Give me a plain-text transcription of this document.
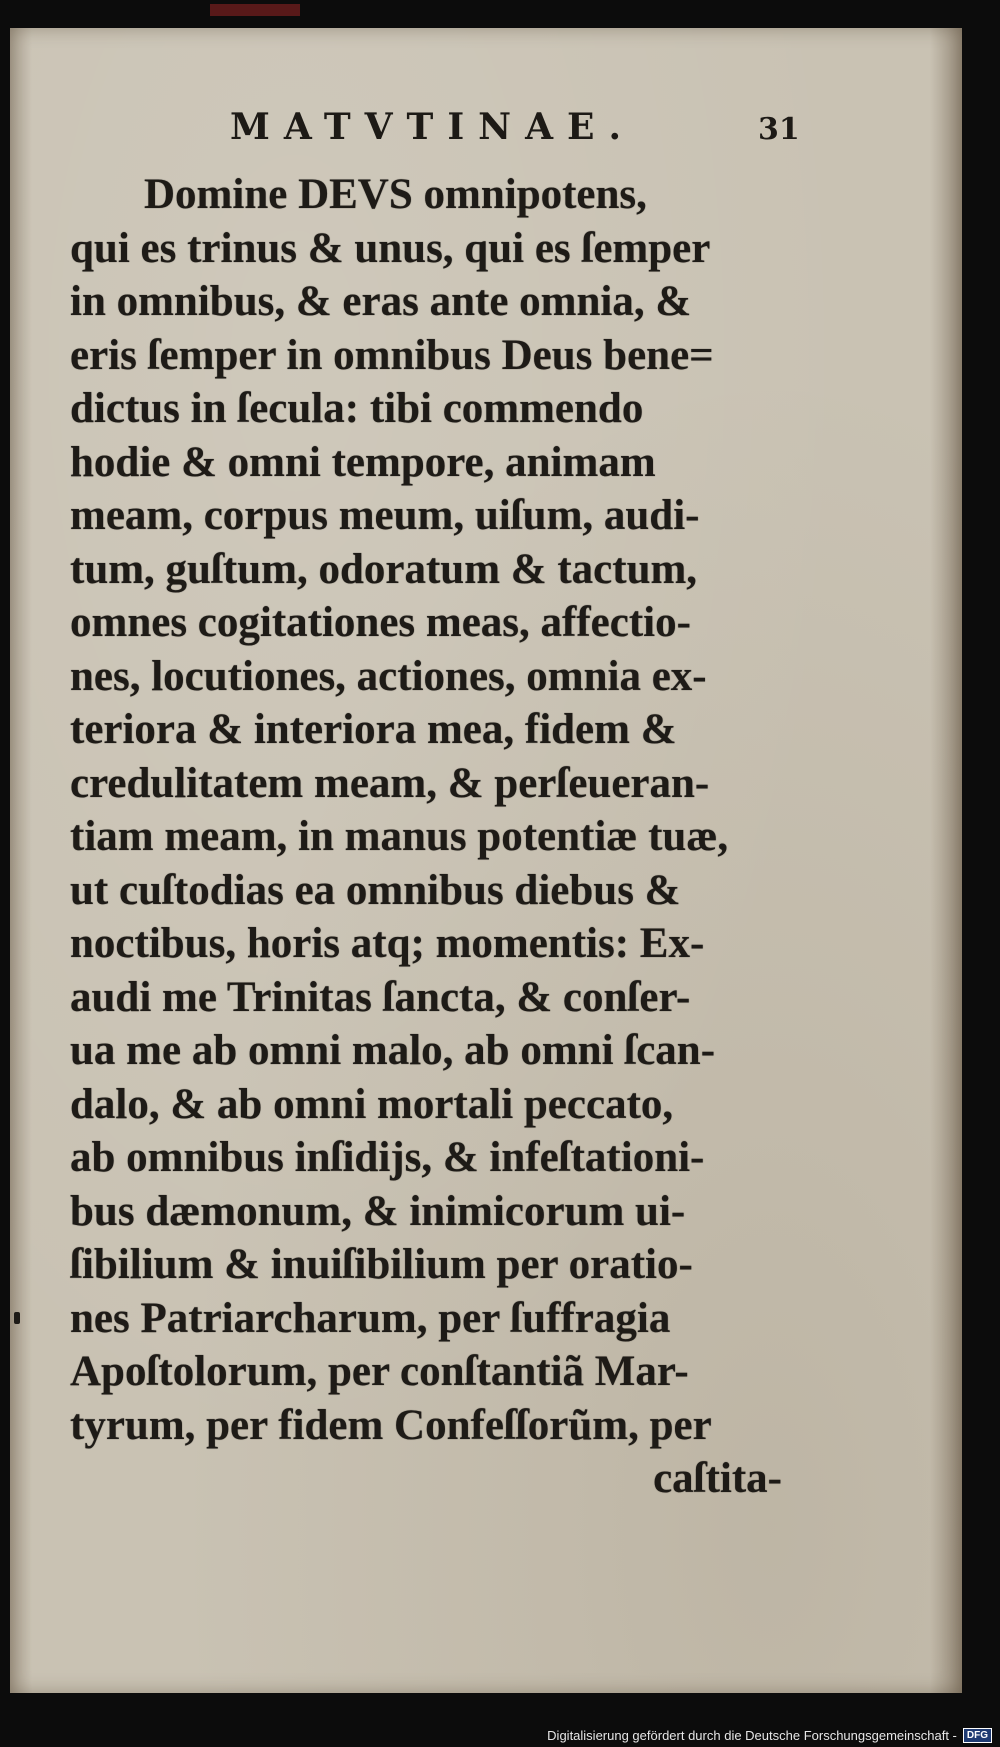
MATVTINAE.	31
Domine DEVS omnipotens,
qui es trinus & unus, qui es ſemper
in omnibus, & eras ante omnia, &
eris ſemper in omnibus Deus bene=
dictus in ſecula: tibi commendo
hodie & omni tempore, animam
meam, corpus meum, uiſum, audi-
tum, guſtum, odoratum & tactum,
omnes cogitationes meas, affectio-
nes, locutiones, actiones, omnia ex-
teriora & interiora mea, fidem &
credulitatem meam, & perſeueran-
tiam meam, in manus potentiæ tuæ,
ut cuſtodias ea omnibus diebus &
noctibus, horis atq; momentis: Ex-
audi me Trinitas ſancta, & conſer-
ua me ab omni malo, ab omni ſcan-
dalo, & ab omni mortali peccato,
ab omnibus inſidijs, & infeſtationi-
bus dæmonum, & inimicorum ui-
ſibilium & inuiſibilium per oratio-
nes Patriarcharum, per ſuffragia
Apoſtolorum, per conſtantiã Mar-
tyrum, per fidem Confeſſorũm, per
caſtita-
Digitalisierung gefördert durch die Deutsche Forschungsgemeinschaft -	DFG
